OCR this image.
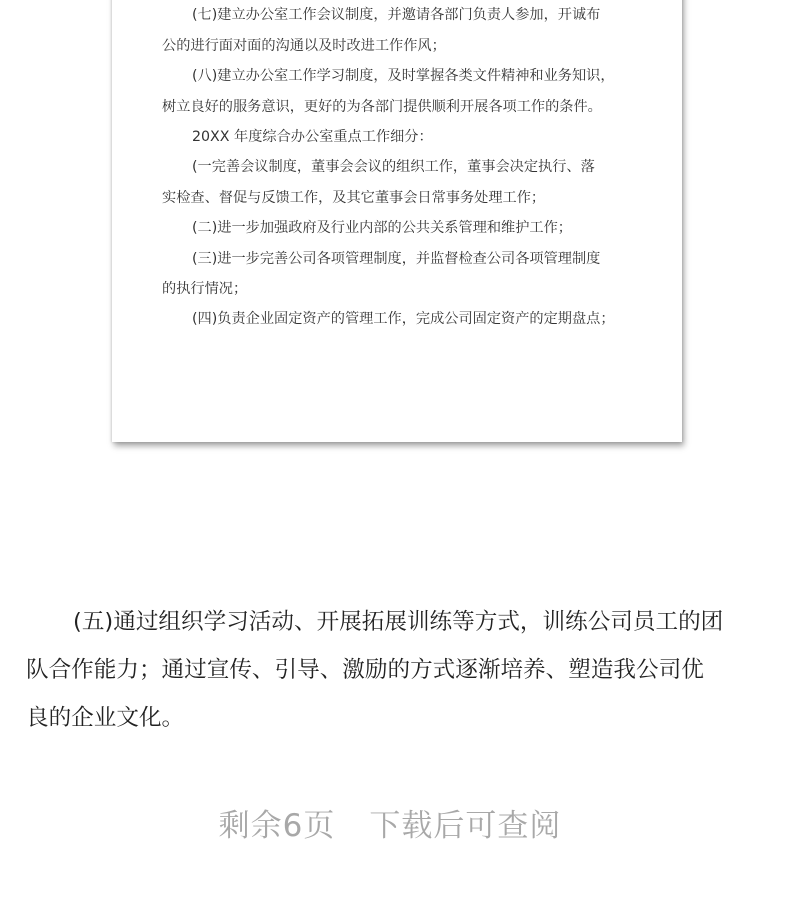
(七)建立办公室工作会议制度，并邀请各部门负责人参加，开诚布
公的进行面对面的沟通以及时改进工作作风；
(八)建立办公室工作学习制度，及时掌握各类文件精神和业务知识，
树立良好的服务意识，更好的为各部门提供顺利开展各项工作的条件。
20XX 年度综合办公室重点工作细分：
(一完善会议制度，董事会会议的组织工作，董事会决定执行、落
实检查、督促与反馈工作，及其它董事会日常事务处理工作；
(二)进一步加强政府及行业内部的公共关系管理和维护工作；
(三)进一步完善公司各项管理制度，并监督检查公司各项管理制度
的执行情况；
(四)负责企业固定资产的管理工作，完成公司固定资产的定期盘点；
(五)通过组织学习活动、开展拓展训练等方式，训练公司员工的团
队合作能力；通过宣传、引导、激励的方式逐渐培养、塑造我公司优
良的企业文化。
剩余6页 下载后可查阅
